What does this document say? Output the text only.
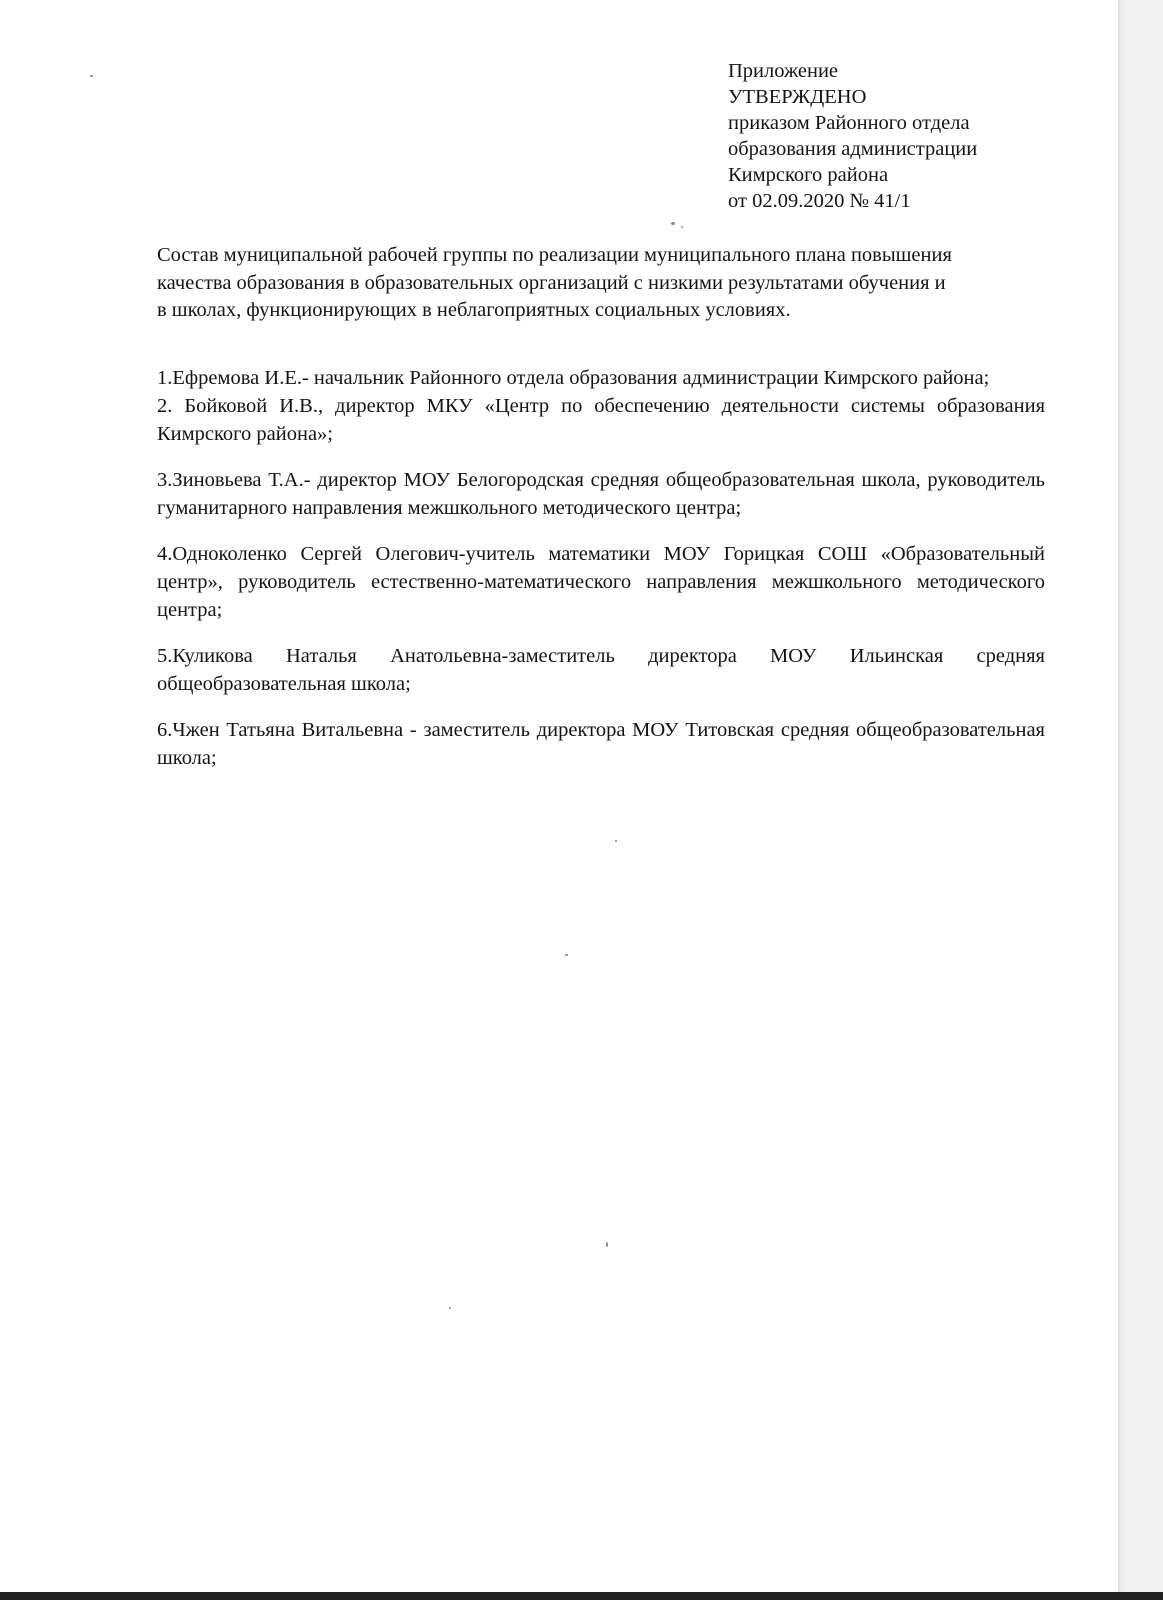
Приложение
УТВЕРЖДЕНО
приказом Районного отдела
образования администрации
Кимрского района
от 02.09.2020 № 41/1
Состав муниципальной рабочей группы по реализации муниципального плана повышения
качества образования в образовательных организаций с низкими результатами обучения и
в школах, функционирующих в неблагоприятных социальных условиях.
1.Ефремова И.Е.- начальник Районного отдела образования администрации Кимрского района;
2. Бойковой И.В., директор МКУ «Центр по обеспечению деятельности системы образования Кимрского района»;
3.Зиновьева Т.А.- директор МОУ Белогородская средняя общеобразовательная школа, руководитель гуманитарного направления межшкольного методического центра;
4.Одноколенко Сергей Олегович-учитель математики МОУ Горицкая СОШ «Образовательный центр», руководитель естественно-математического направления межшкольного методического центра;
5.Куликова Наталья Анатольевна-заместитель директора МОУ Ильинская средняя общеобразовательная школа;
6.Чжен Татьяна Витальевна - заместитель директора МОУ Титовская средняя общеобразовательная школа;
